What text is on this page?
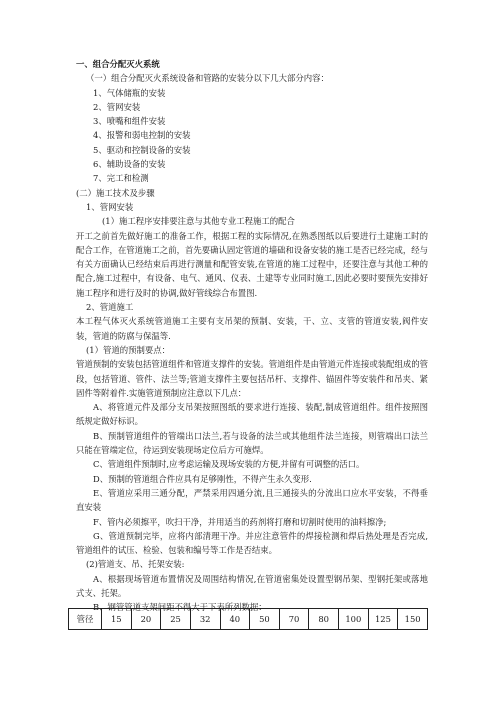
一、组合分配灭火系统
（一）组合分配灭火系统设备和管路的安装分以下几大部分内容：
1、气体储瓶的安装
2、管网安装
3、喷嘴和组件安装
4、报警和弱电控制的安装
5、驱动和控制设备的安装
6、辅助设备的安装
7、完工和检测
(二）施工技术及步骤
1、管网安装
(1）施工程序安排要注意与其他专业工程施工的配合
开工之前首先做好施工的准备工作，根据工程的实际情况,在熟悉图纸以后要进行土建施工时的配合工作，在管道施工之前，首先要确认固定管道的墙础和设备安装的施工是否已经完成，经与有关方面确认已经结束后再进行测量和配管安装,在管道的施工过程中，还要注意与其他工种的配合,施工过程中，有设备、电气、通风、仪表、土建等专业同时施工,因此必要时要预先安排好施工程序和进行及时的协调,做好管线综合布置图.
2、管道施工
本工程气体灭火系统管道施工主要有支吊架的预制、安装，干、立、支管的管道安装,阀件安装，管道的防腐与保温等.
(1）管道的预制要点：
管道预制的安装包括管道组件和管道支撑件的安装。管道组件是由管道元件连接或装配组成的管段，包括管道、管件、法兰等;管道支撑件主要包括吊杆、支撑件、锚固件等安装件和吊夹、紧固件等附着件.实施管道预制应注意以下几点：
A、将管道元件及部分支吊架按照图纸的要求进行连接、装配,制成管道组件。组件按照图纸规定做好标识。
B、预制管道组件的管端出口法兰,若与设备的法兰或其他组件法兰连接，则管端出口法兰只能在管端定位，待运到安装现场定位后方可施焊。
C、管道组件预制时,应考虑运输及现场安装的方便,并留有可调整的活口。
D、预制的管道组合件应具有足够刚性，不得产生永久变形.
E、管道应采用三通分配，严禁采用四通分流,且三通接头的分流出口应水平安装，不得垂直安装
F、管内必须擦平，吹扫干净，并用适当的药剂将打磨和切割时使用的油料擦净;
G、管道预制完毕，应将内部清理干净。并应注意管件的焊接检测和焊后热处理是否完成,管道组件的试压、检验、包装和编号等工作是否结束。
(2)管道支、吊、托架安装:
A、根据现场管道布置情况及周围结构情况,在管道密集处设置型钢吊架、型钢托架或落地式支、托架。
B、钢管管道支架间距不得大于下表所列数据：
管径	15	20	25	32	40	50	70	80	100	125	150
